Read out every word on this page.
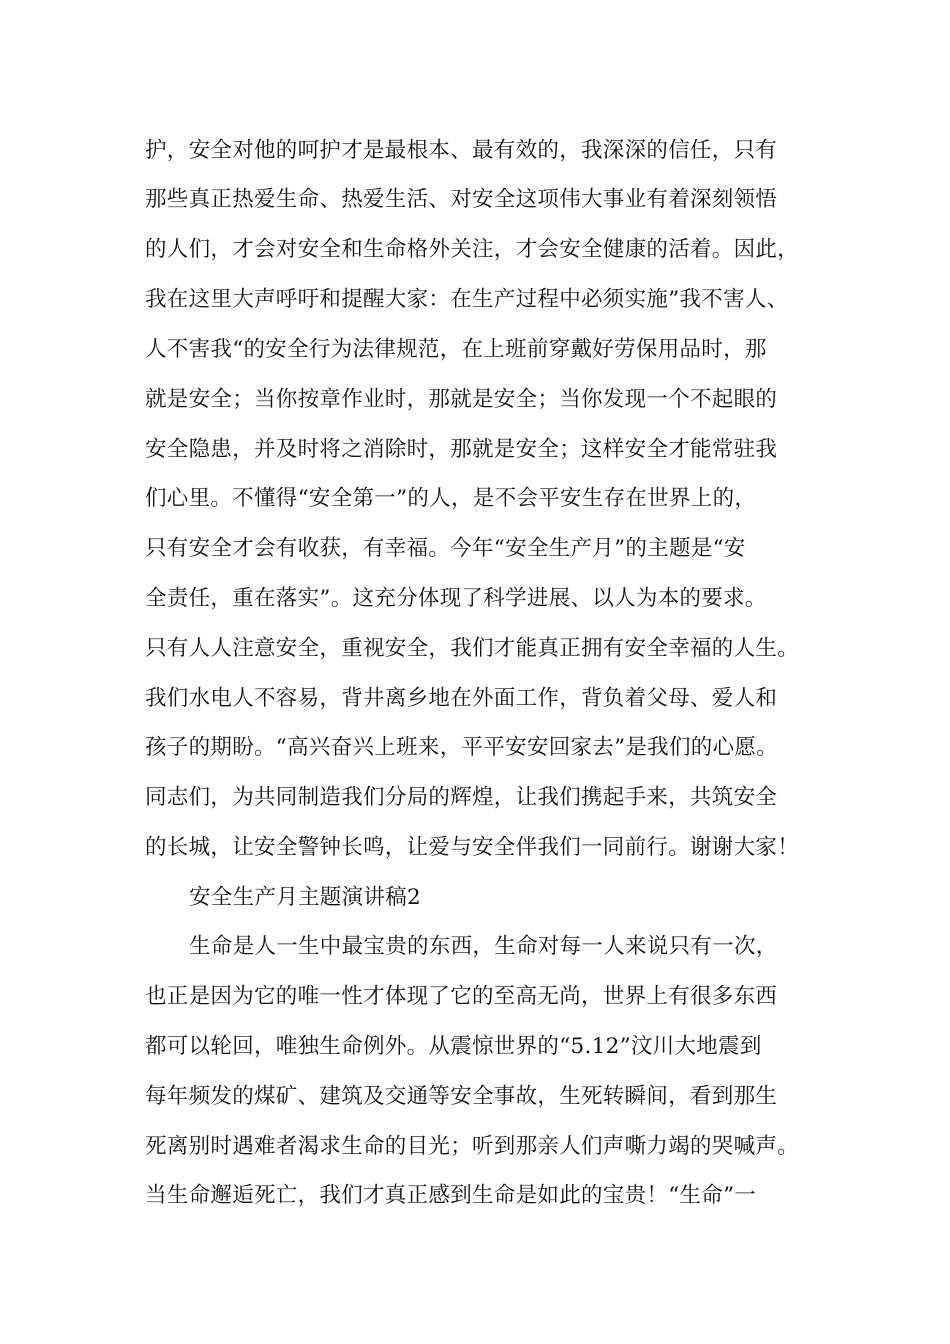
护，安全对他的呵护才是最根本、最有效的，我深深的信任，只有
那些真正热爱生命、热爱生活、对安全这项伟大事业有着深刻领悟
的人们，才会对安全和生命格外关注，才会安全健康的活着。因此，
我在这里大声呼吁和提醒大家：在生产过程中必须实施”我不害人、
人不害我“的安全行为法律规范，在上班前穿戴好劳保用品时，那
就是安全；当你按章作业时，那就是安全；当你发现一个不起眼的
安全隐患，并及时将之消除时，那就是安全；这样安全才能常驻我
们心里。不懂得“安全第一”的人，是不会平安生存在世界上的，
只有安全才会有收获，有幸福。今年“安全生产月”的主题是“安
全责任，重在落实”。这充分体现了科学进展、以人为本的要求。
只有人人注意安全，重视安全，我们才能真正拥有安全幸福的人生。
我们水电人不容易，背井离乡地在外面工作，背负着父母、爱人和
孩子的期盼。“高兴奋兴上班来，平平安安回家去”是我们的心愿。
同志们，为共同制造我们分局的辉煌，让我们携起手来，共筑安全
的长城，让安全警钟长鸣，让爱与安全伴我们一同前行。谢谢大家！
安全生产月主题演讲稿2
生命是人一生中最宝贵的东西，生命对每一人来说只有一次，
也正是因为它的唯一性才体现了它的至高无尚，世界上有很多东西
都可以轮回，唯独生命例外。从震惊世界的“5.12”汶川大地震到
每年频发的煤矿、建筑及交通等安全事故，生死转瞬间，看到那生
死离别时遇难者渴求生命的目光；听到那亲人们声嘶力竭的哭喊声。
当生命邂逅死亡，我们才真正感到生命是如此的宝贵！“生命”一
